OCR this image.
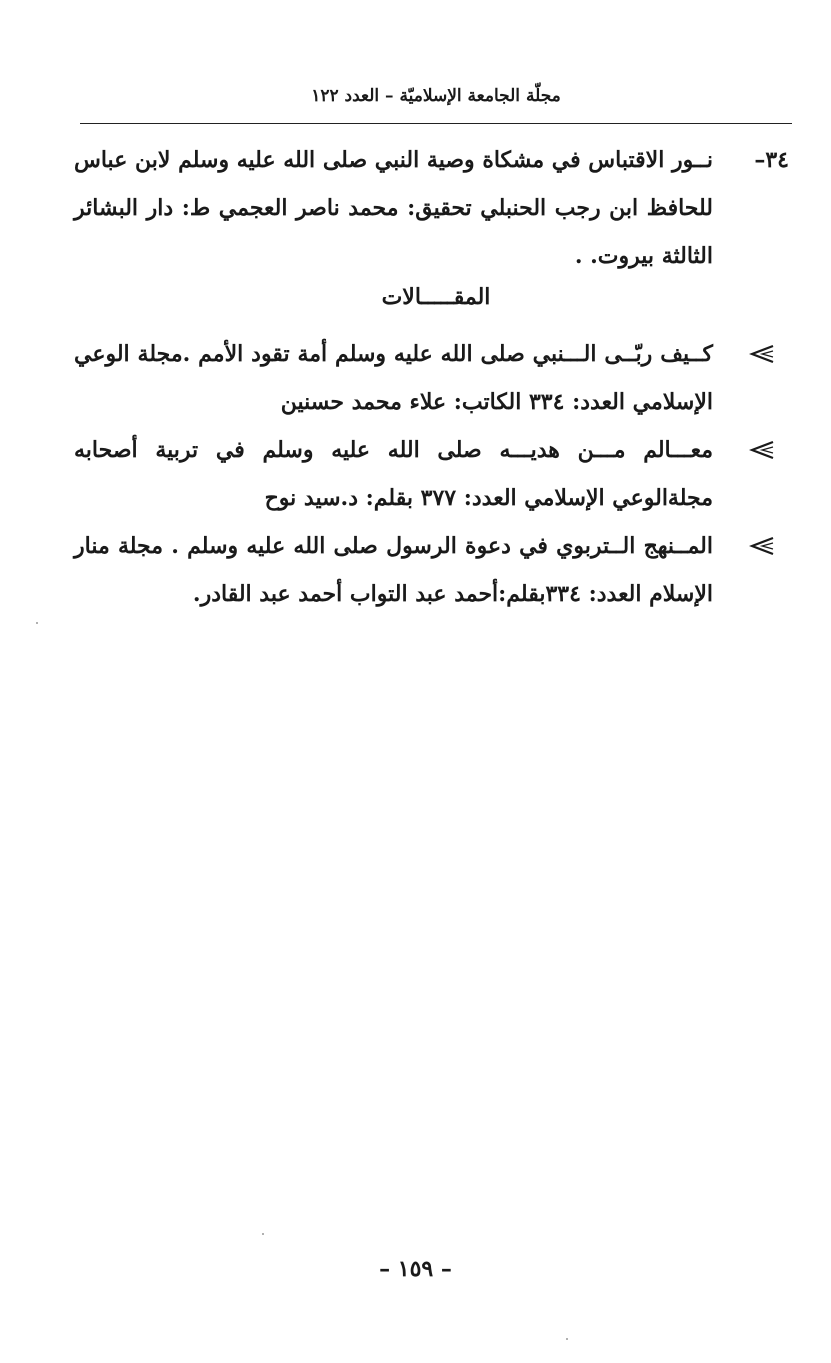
مجلّة الجامعة الإسلاميّة – العدد ١٢٢
٣٤–
نــور الاقتباس في مشكاة وصية النبي صلى الله عليه وسلم لابن عباس للحافظ ابن رجب الحنبلي تحقيق: محمد ناصر العجمي ط: دار البشائر الثالثة بيروت. .
المقـــــالات
كــيف ربّــى الـــنبي صلى الله عليه وسلم أمة تقود الأمم .مجلة الوعي الإسلامي العدد: ٣٣٤ الكاتب: علاء محمد حسنين
معـــالم مـــن هديـــه صلى الله عليه وسلم في تربية أصحابه مجلةالوعي الإسلامي العدد: ٣٧٧ بقلم: د.سيد نوح
المــنهج الــتربوي في دعوة الرسول صلى الله عليه وسلم . مجلة منار الإسلام العدد: ٣٣٤بقلم:أحمد عبد التواب أحمد عبد القادر.
– ١٥٩ –
